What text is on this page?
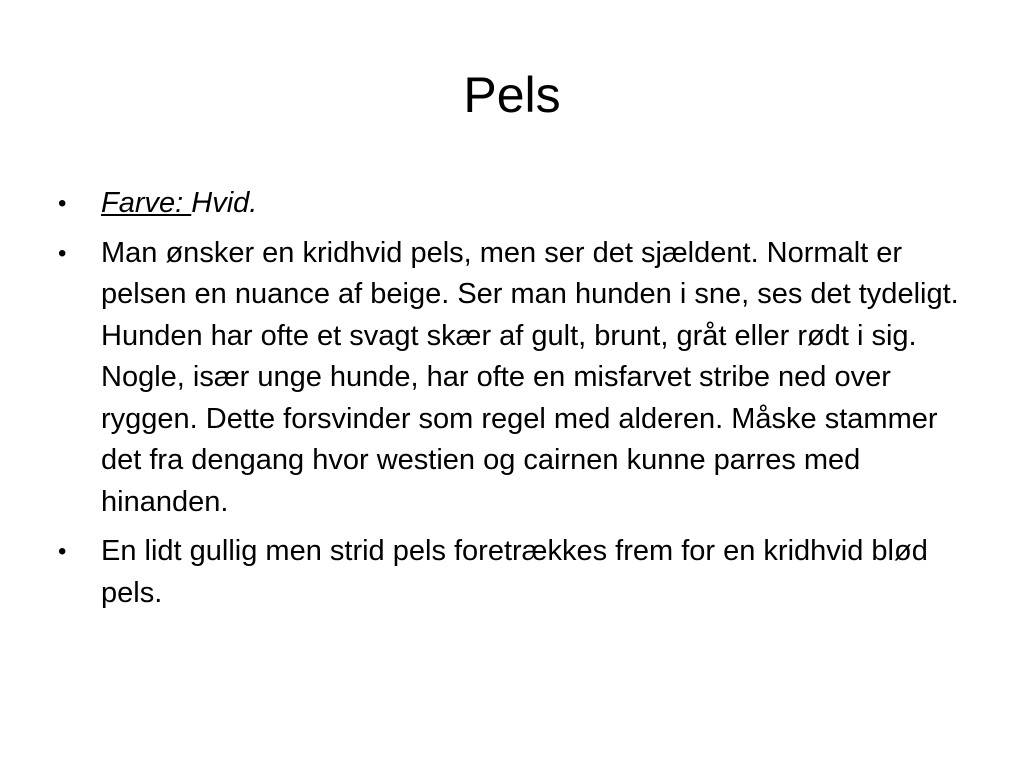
Pels
•	Farve: Hvid.
•	Man ønsker en kridhvid pels, men ser det sjældent. Normalt er pelsen en nuance af beige. Ser man hunden i sne, ses det tydeligt. Hunden har ofte et svagt skær af gult, brunt, gråt eller rødt i sig. Nogle, især unge hunde, har ofte en misfarvet stribe ned over ryggen. Dette forsvinder som regel med alderen. Måske stammer det fra dengang hvor westien og cairnen kunne parres med hinanden.
•	En lidt gullig men strid pels foretrækkes frem for en kridhvid blød pels.
